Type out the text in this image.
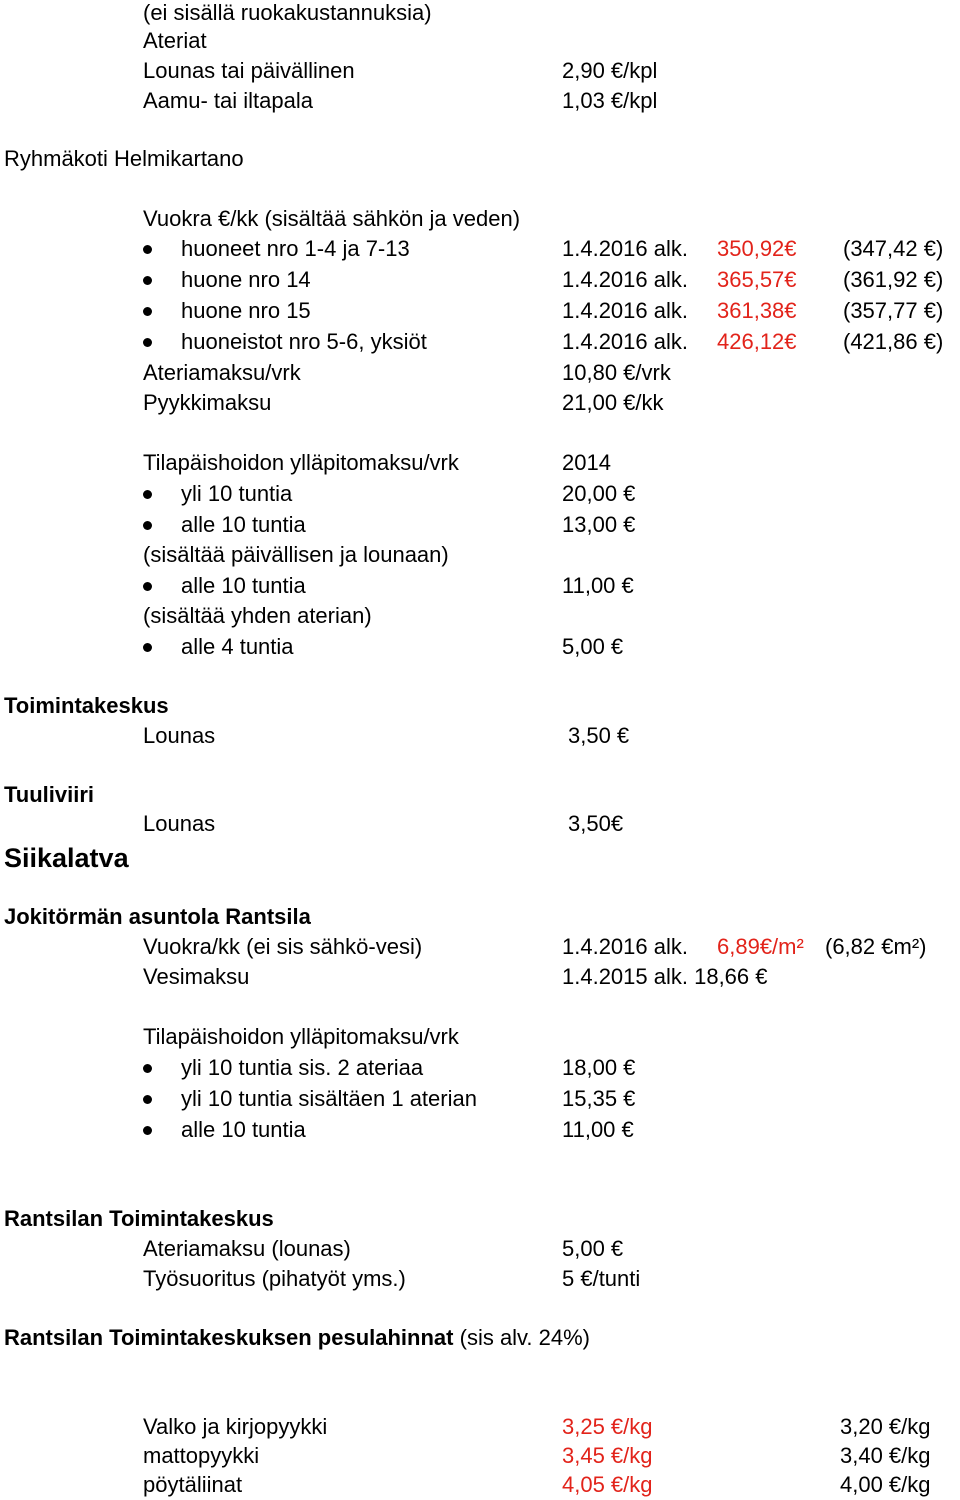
(ei sisällä ruokakustannuksia)
Ateriat
Lounas tai päivällinen	2,90 €/kpl
Aamu- tai iltapala	1,03 €/kpl
Ryhmäkoti Helmikartano
Vuokra €/kk (sisältää sähkön ja veden)
huoneet nro 1-4 ja 7-13	1.4.2016 alk. 350,92€ (347,42 €)
huone nro 14	1.4.2016 alk. 365,57€ (361,92 €)
huone nro 15	1.4.2016 alk. 361,38€ (357,77 €)
huoneistot nro 5-6, yksiöt	1.4.2016 alk. 426,12€ (421,86 €)
Ateriamaksu/vrk	10,80 €/vrk
Pyykkimaksu	21,00 €/kk
Tilapäishoidon ylläpitomaksu/vrk	2014
yli 10 tuntia	20,00 €
alle 10 tuntia	13,00 €
(sisältää päivällisen ja lounaan)
alle 10 tuntia	11,00 €
(sisältää yhden aterian)
alle 4 tuntia	5,00 €
Toimintakeskus
Lounas	3,50 €
Tuuliviiri
Lounas	3,50€
Siikalatva
Jokitörmän asuntola Rantsila
Vuokra/kk (ei sis sähkö-vesi)	1.4.2016 alk. 6,89€/m² (6,82 €m²)
Vesimaksu	1.4.2015 alk. 18,66 €
Tilapäishoidon ylläpitomaksu/vrk
yli 10 tuntia sis. 2 ateriaa	18,00 €
yli 10 tuntia sisältäen 1 aterian	15,35 €
alle 10 tuntia	11,00 €
Rantsilan Toimintakeskus
Ateriamaksu (lounas)	5,00 €
Työsuoritus (pihatyöt yms.)	5 €/tunti
Rantsilan Toimintakeskuksen pesulahinnat (sis alv. 24%)
Valko ja kirjopyykki	3,25 €/kg	3,20 €/kg
mattopyykki	3,45 €/kg	3,40 €/kg
pöytäliinat	4,05 €/kg	4,00 €/kg
